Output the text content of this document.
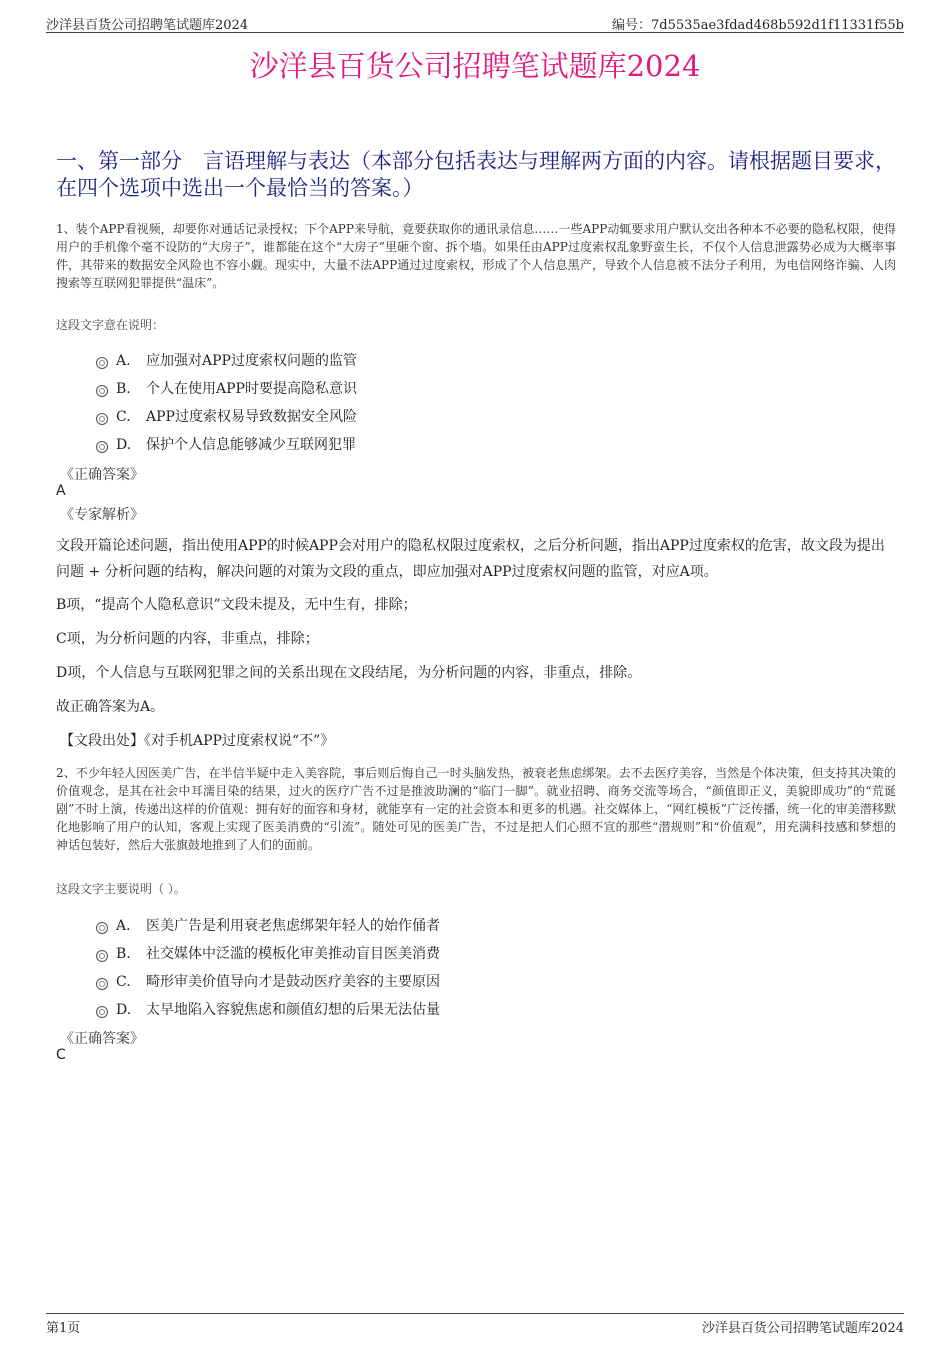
沙洋县百货公司招聘笔试题库2024	编号：7d5535ae3fdad468b592d1f11331f55b
沙洋县百货公司招聘笔试题库2024
一、第一部分　言语理解与表达（本部分包括表达与理解两方面的内容。请根据题目要求，在四个选项中选出一个最恰当的答案。）
1、装个APP看视频，却要你对通话记录授权；下个APP来导航，竟要获取你的通讯录信息……一些APP动辄要求用户默认交出各种本不必要的隐私权限，使得用户的手机像个毫不设防的“大房子”，谁都能在这个“大房子”里砸个窗、拆个墙。如果任由APP过度索权乱象野蛮生长，不仅个人信息泄露势必成为大概率事件，其带来的数据安全风险也不容小觑。现实中，大量不法APP通过过度索权，形成了个人信息黑产，导致个人信息被不法分子利用，为电信网络诈骗、人肉搜索等互联网犯罪提供“温床”。
这段文字意在说明：
A. 应加强对APP过度索权问题的监管
B. 个人在使用APP时要提高隐私意识
C. APP过度索权易导致数据安全风险
D. 保护个人信息能够减少互联网犯罪
《正确答案》
A
《专家解析》
文段开篇论述问题，指出使用APP的时候APP会对用户的隐私权限过度索权，之后分析问题，指出APP过度索权的危害，故文段为提出问题 + 分析问题的结构，解决问题的对策为文段的重点，即应加强对APP过度索权问题的监管，对应A项。
B项，“提高个人隐私意识”文段未提及，无中生有，排除；
C项，为分析问题的内容，非重点，排除；
D项，个人信息与互联网犯罪之间的关系出现在文段结尾，为分析问题的内容，非重点，排除。
故正确答案为A。
【文段出处】《对手机APP过度索权说“不”》
2、不少年轻人因医美广告，在半信半疑中走入美容院，事后则后悔自己一时头脑发热，被衰老焦虑绑架。去不去医疗美容，当然是个体决策，但支持其决策的价值观念，是其在社会中耳濡目染的结果，过火的医疗广告不过是推波助澜的“临门一脚”。就业招聘、商务交流等场合，“颜值即正义，美貌即成功”的“荒诞剧”不时上演，传递出这样的价值观：拥有好的面容和身材，就能享有一定的社会资本和更多的机遇。社交媒体上，“网红模板”广泛传播，统一化的审美潜移默化地影响了用户的认知，客观上实现了医美消费的“引流”。随处可见的医美广告，不过是把人们心照不宣的那些“潜规则”和“价值观”，用充满科技感和梦想的神话包装好，然后大张旗鼓地推到了人们的面前。
这段文字主要说明（ ）。
A. 医美广告是利用衰老焦虑绑架年轻人的始作俑者
B. 社交媒体中泛滥的模板化审美推动盲目医美消费
C. 畸形审美价值导向才是鼓动医疗美容的主要原因
D. 太早地陷入容貌焦虑和颜值幻想的后果无法估量
《正确答案》
C
第1页	沙洋县百货公司招聘笔试题库2024
